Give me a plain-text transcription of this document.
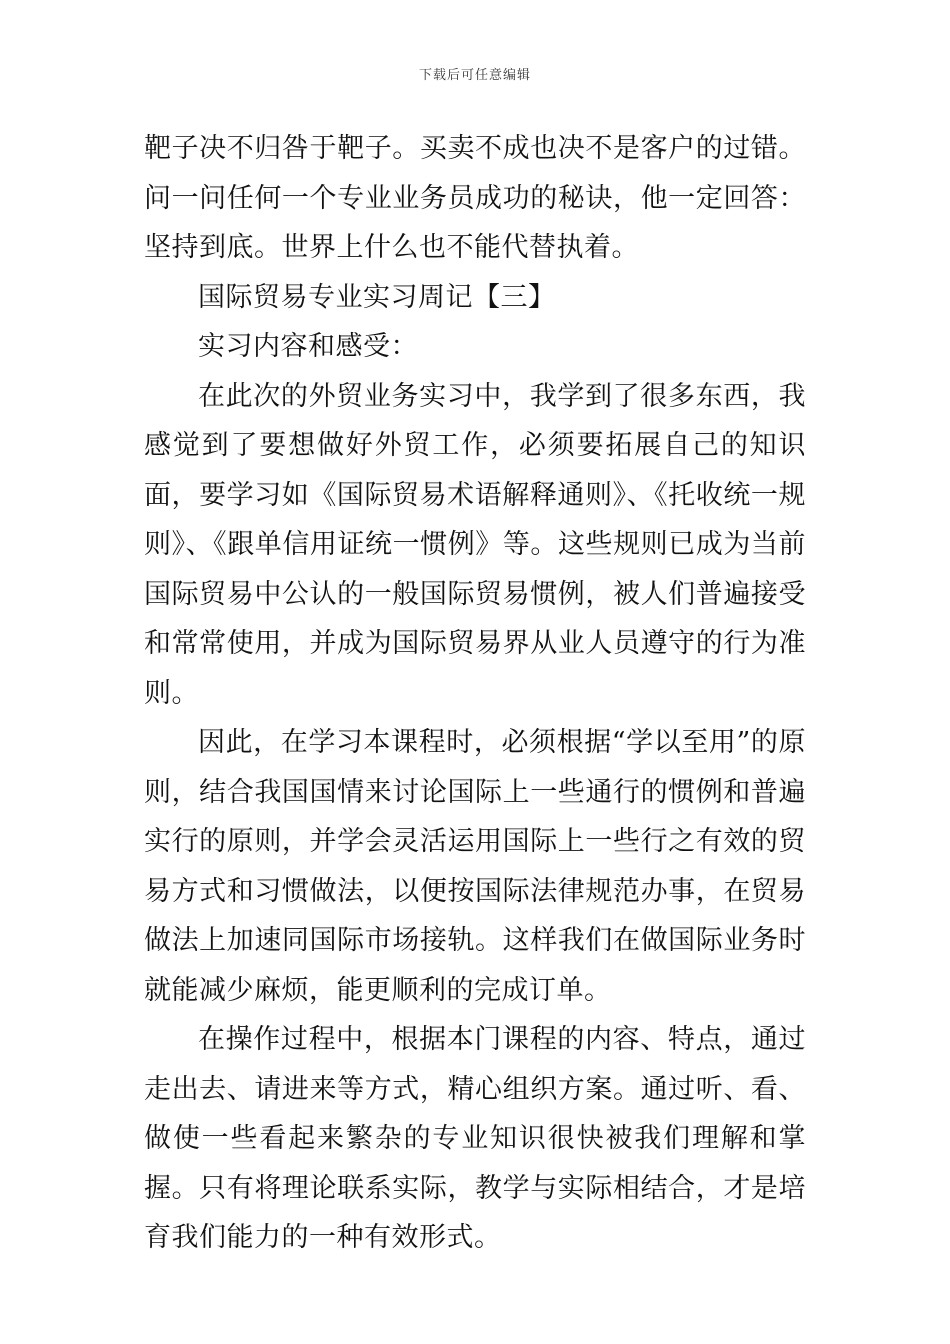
下载后可任意编辑

靶子决不归咎于靶子。买卖不成也决不是客户的过错。问一问任何一个专业业务员成功的秘诀，他一定回答：坚持到底。世界上什么也不能代替执着。

国际贸易专业实习周记【三】

实习内容和感受：

在此次的外贸业务实习中，我学到了很多东西，我感觉到了要想做好外贸工作，必须要拓展自己的知识面，要学习如《国际贸易术语解释通则》、《托收统一规则》、《跟单信用证统一惯例》等。这些规则已成为当前国际贸易中公认的一般国际贸易惯例，被人们普遍接受和常常使用，并成为国际贸易界从业人员遵守的行为准则。

因此，在学习本课程时，必须根据“学以至用”的原则，结合我国国情来讨论国际上一些通行的惯例和普遍实行的原则，并学会灵活运用国际上一些行之有效的贸易方式和习惯做法，以便按国际法律规范办事，在贸易做法上加速同国际市场接轨。这样我们在做国际业务时就能减少麻烦，能更顺利的完成订单。

在操作过程中，根据本门课程的内容、特点，通过走出去、请进来等方式，精心组织方案。通过听、看、做使一些看起来繁杂的专业知识很快被我们理解和掌握。只有将理论联系实际，教学与实际相结合，才是培育我们能力的一种有效形式。
